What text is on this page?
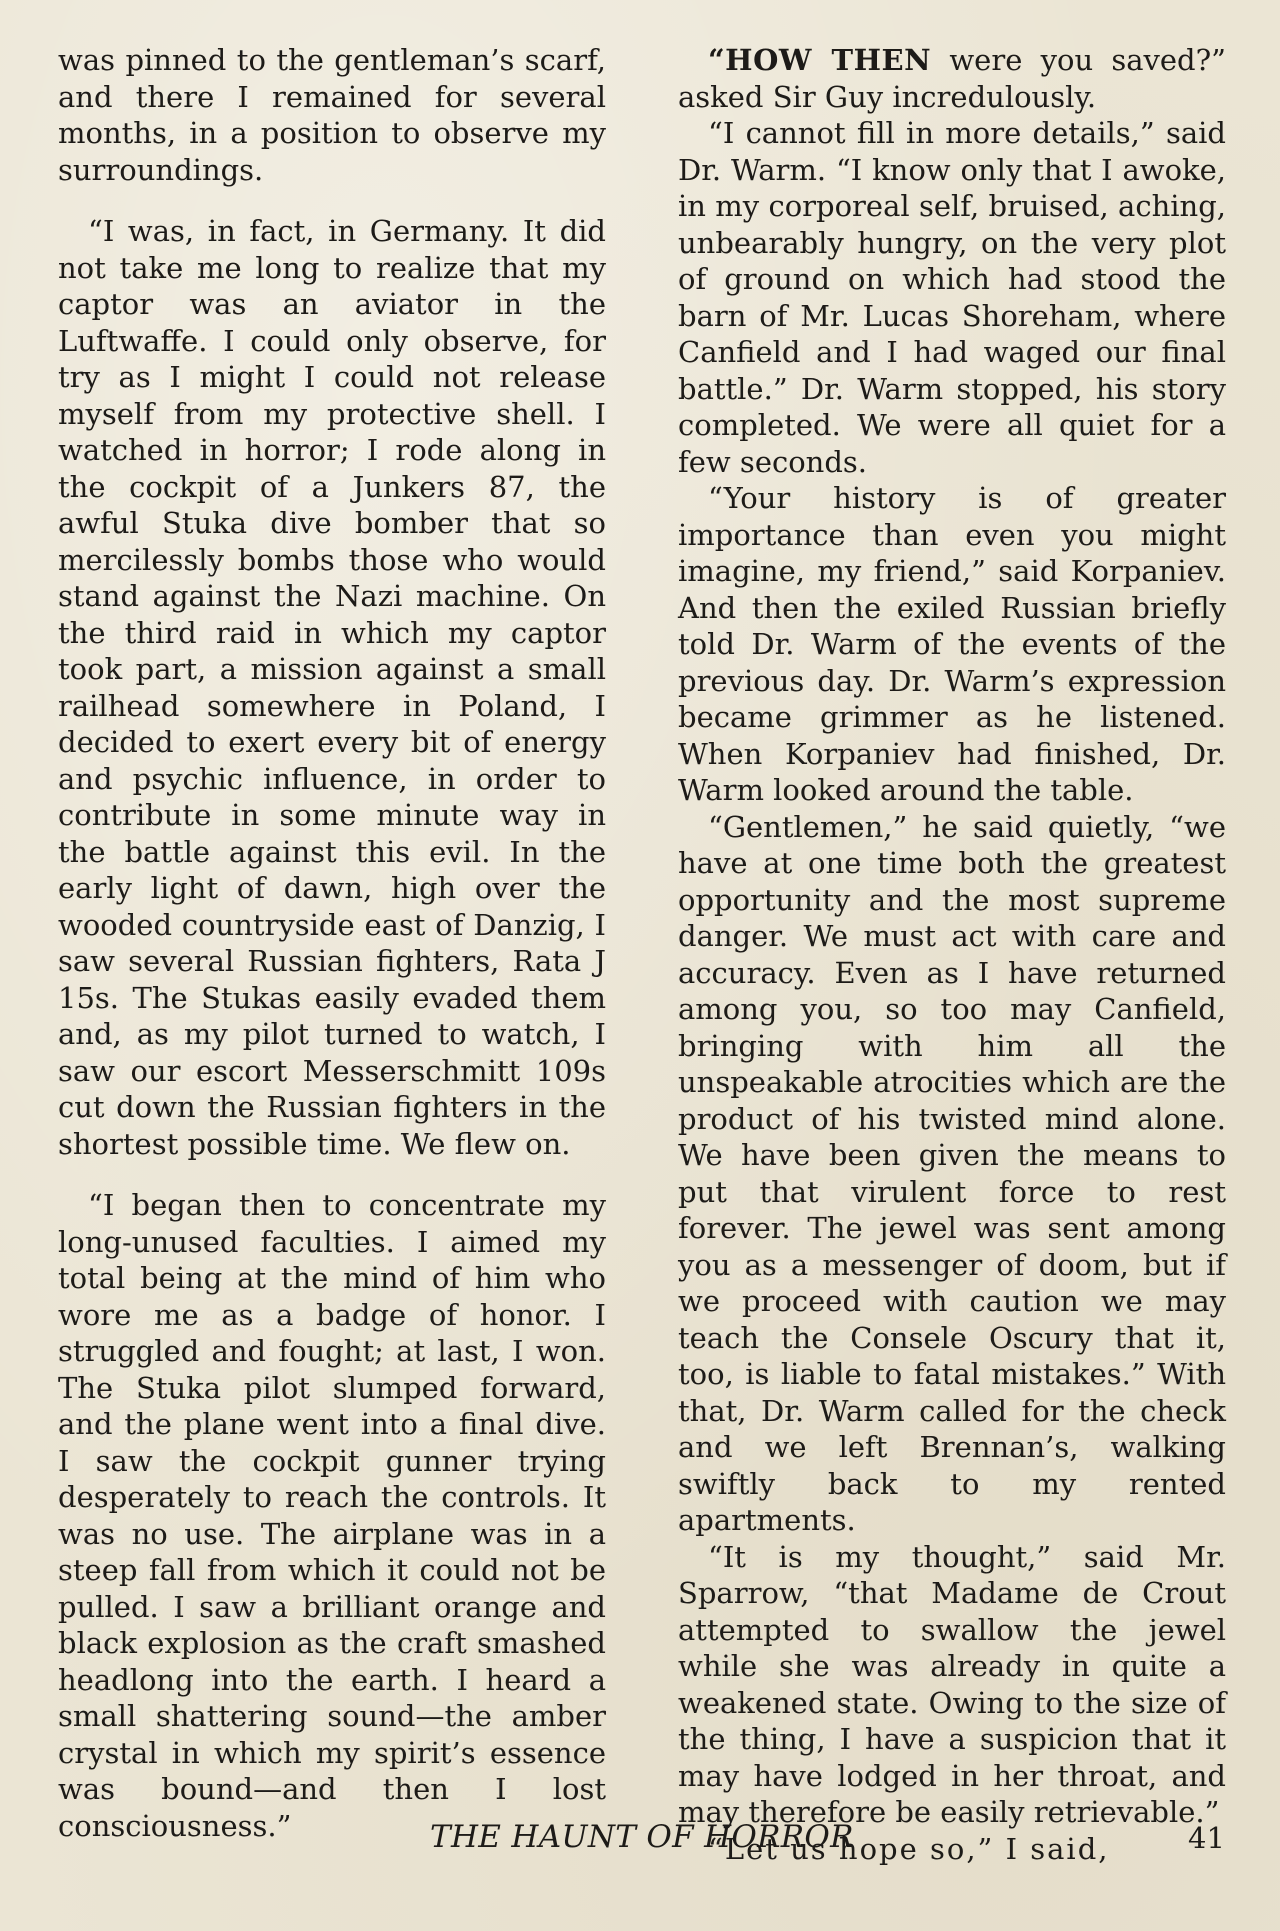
was pinned to the gentleman’s scarf, and there I remained for several months, in a position to observe my surroundings.

“I was, in fact, in Germany. It did not take me long to realize that my captor was an aviator in the Luftwaffe. I could only observe, for try as I might I could not release myself from my protective shell. I watched in horror; I rode along in the cockpit of a Junkers 87, the awful Stuka dive bomber that so mercilessly bombs those who would stand against the Nazi machine. On the third raid in which my captor took part, a mission against a small railhead somewhere in Poland, I decided to exert every bit of energy and psychic influence, in order to contribute in some minute way in the battle against this evil. In the early light of dawn, high over the wooded countryside east of Danzig, I saw several Russian fighters, Rata J 15s. The Stukas easily evaded them and, as my pilot turned to watch, I saw our escort Messerschmitt 109s cut down the Russian fighters in the shortest possible time. We flew on.

“I began then to concentrate my long-unused faculties. I aimed my total being at the mind of him who wore me as a badge of honor. I struggled and fought; at last, I won. The Stuka pilot slumped forward, and the plane went into a final dive. I saw the cockpit gunner trying desperately to reach the controls. It was no use. The airplane was in a steep fall from which it could not be pulled. I saw a brilliant orange and black explosion as the craft smashed headlong into the earth. I heard a small shattering sound—the amber crystal in which my spirit’s essence was bound—and then I lost consciousness.”

“HOW THEN were you saved?” asked Sir Guy incredulously.

“I cannot fill in more details,” said Dr. Warm. “I know only that I awoke, in my corporeal self, bruised, aching, unbearably hungry, on the very plot of ground on which had stood the barn of Mr. Lucas Shoreham, where Canfield and I had waged our final battle.” Dr. Warm stopped, his story completed. We were all quiet for a few seconds.

“Your history is of greater importance than even you might imagine, my friend,” said Korpaniev. And then the exiled Russian briefly told Dr. Warm of the events of the previous day. Dr. Warm’s expression became grimmer as he listened. When Korpaniev had finished, Dr. Warm looked around the table.

“Gentlemen,” he said quietly, “we have at one time both the greatest opportunity and the most supreme danger. We must act with care and accuracy. Even as I have returned among you, so too may Canfield, bringing with him all the unspeakable atrocities which are the product of his twisted mind alone. We have been given the means to put that virulent force to rest forever. The jewel was sent among you as a messenger of doom, but if we proceed with caution we may teach the Consele Oscury that it, too, is liable to fatal mistakes.” With that, Dr. Warm called for the check and we left Brennan’s, walking swiftly back to my rented apartments.

“It is my thought,” said Mr. Sparrow, “that Madame de Crout attempted to swallow the jewel while she was already in quite a weakened state. Owing to the size of the thing, I have a suspicion that it may have lodged in her throat, and may therefore be easily retrievable.”

“Let us hope so,” I said,

THE HAUNT OF HORROR	41
